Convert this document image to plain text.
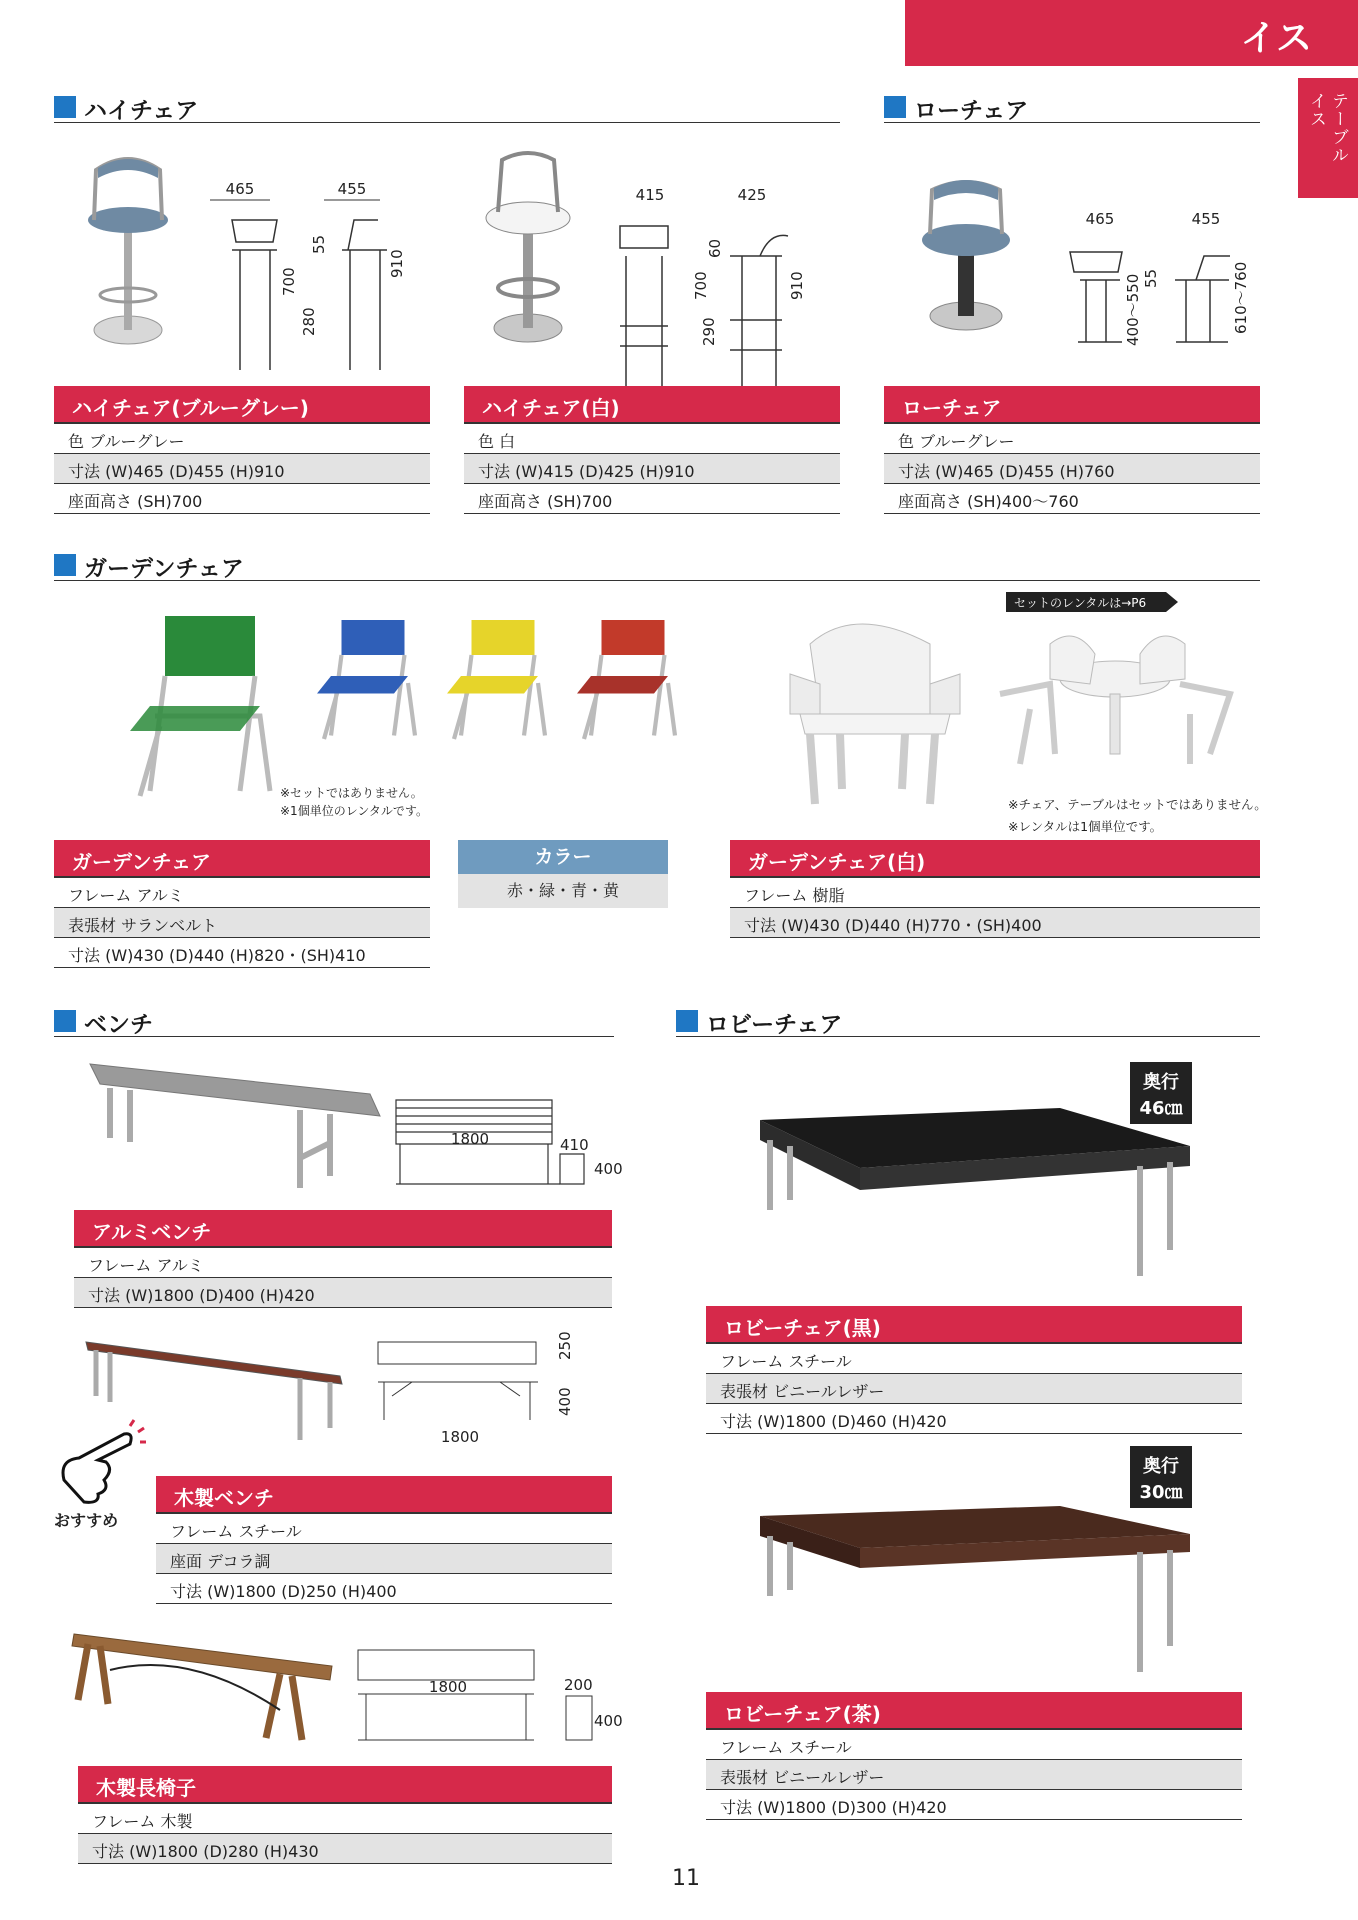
イス
テーブル
イス
ハイチェア	ローチェア
465	455
700
55
280
910
415	425
700
60
290
910
465	455
400〜550 55	610〜760
ハイチェア(ブルーグレー)
色 ブルーグレー
寸法 (W)465 (D)455 (H)910
座面高さ (SH)700
ハイチェア(白)
色 白
寸法 (W)415 (D)425 (H)910
座面高さ (SH)700
ローチェア
色 ブルーグレー
寸法 (W)465 (D)455 (H)760
座面高さ (SH)400〜760
ガーデンチェア
※セットではありません。
※1個単位のレンタルです。
セットのレンタルは→P6
※チェア、テーブルはセットではありません。
※レンタルは1個単位です。
ガーデンチェア
フレーム アルミ
表張材 サランベルト
寸法 (W)430 (D)440 (H)820・(SH)410
カラー
赤・緑・青・黄
ガーデンチェア(白)
フレーム 樹脂
寸法 (W)430 (D)440 (H)770・(SH)400
ベンチ	ロビーチェア
1800	410
400
アルミベンチ
フレーム アルミ
寸法 (W)1800 (D)400 (H)420
250
400
1800
おすすめ
木製ベンチ
フレーム スチール
座面 デコラ調
寸法 (W)1800 (D)250 (H)400
1800	200
400
木製長椅子
フレーム 木製
寸法 (W)1800 (D)280 (H)430
奥行
46㎝
ロビーチェア(黒)
フレーム スチール
表張材 ビニールレザー
寸法 (W)1800 (D)460 (H)420
奥行
30㎝
ロビーチェア(茶)
フレーム スチール
表張材 ビニールレザー
寸法 (W)1800 (D)300 (H)420
11
